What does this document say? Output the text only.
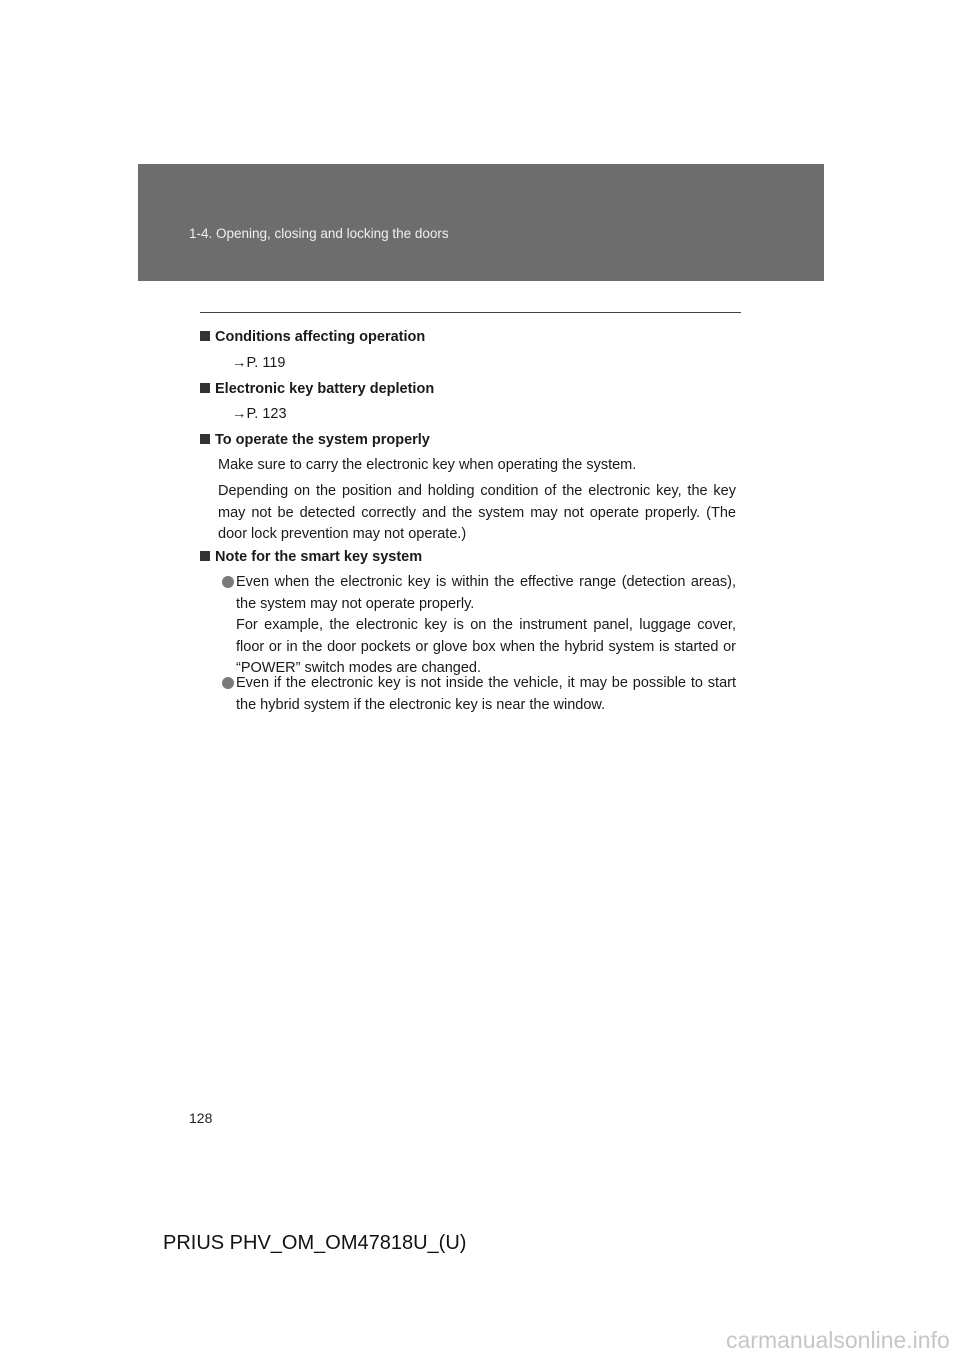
1-4. Opening, closing and locking the doors
Conditions affecting operation
→P. 119
Electronic key battery depletion
→P. 123
To operate the system properly
Make sure to carry the electronic key when operating the system.
Depending on the position and holding condition of the electronic key, the key may not be detected correctly and the system may not operate properly. (The door lock prevention may not operate.)
Note for the smart key system
Even when the electronic key is within the effective range (detection areas), the system may not operate properly.
For example, the electronic key is on the instrument panel, luggage cover, floor or in the door pockets or glove box when the hybrid system is started or “POWER” switch modes are changed.
Even if the electronic key is not inside the vehicle, it may be possible to start the hybrid system if the electronic key is near the window.
128
PRIUS PHV_OM_OM47818U_(U)
carmanualsonline.info
